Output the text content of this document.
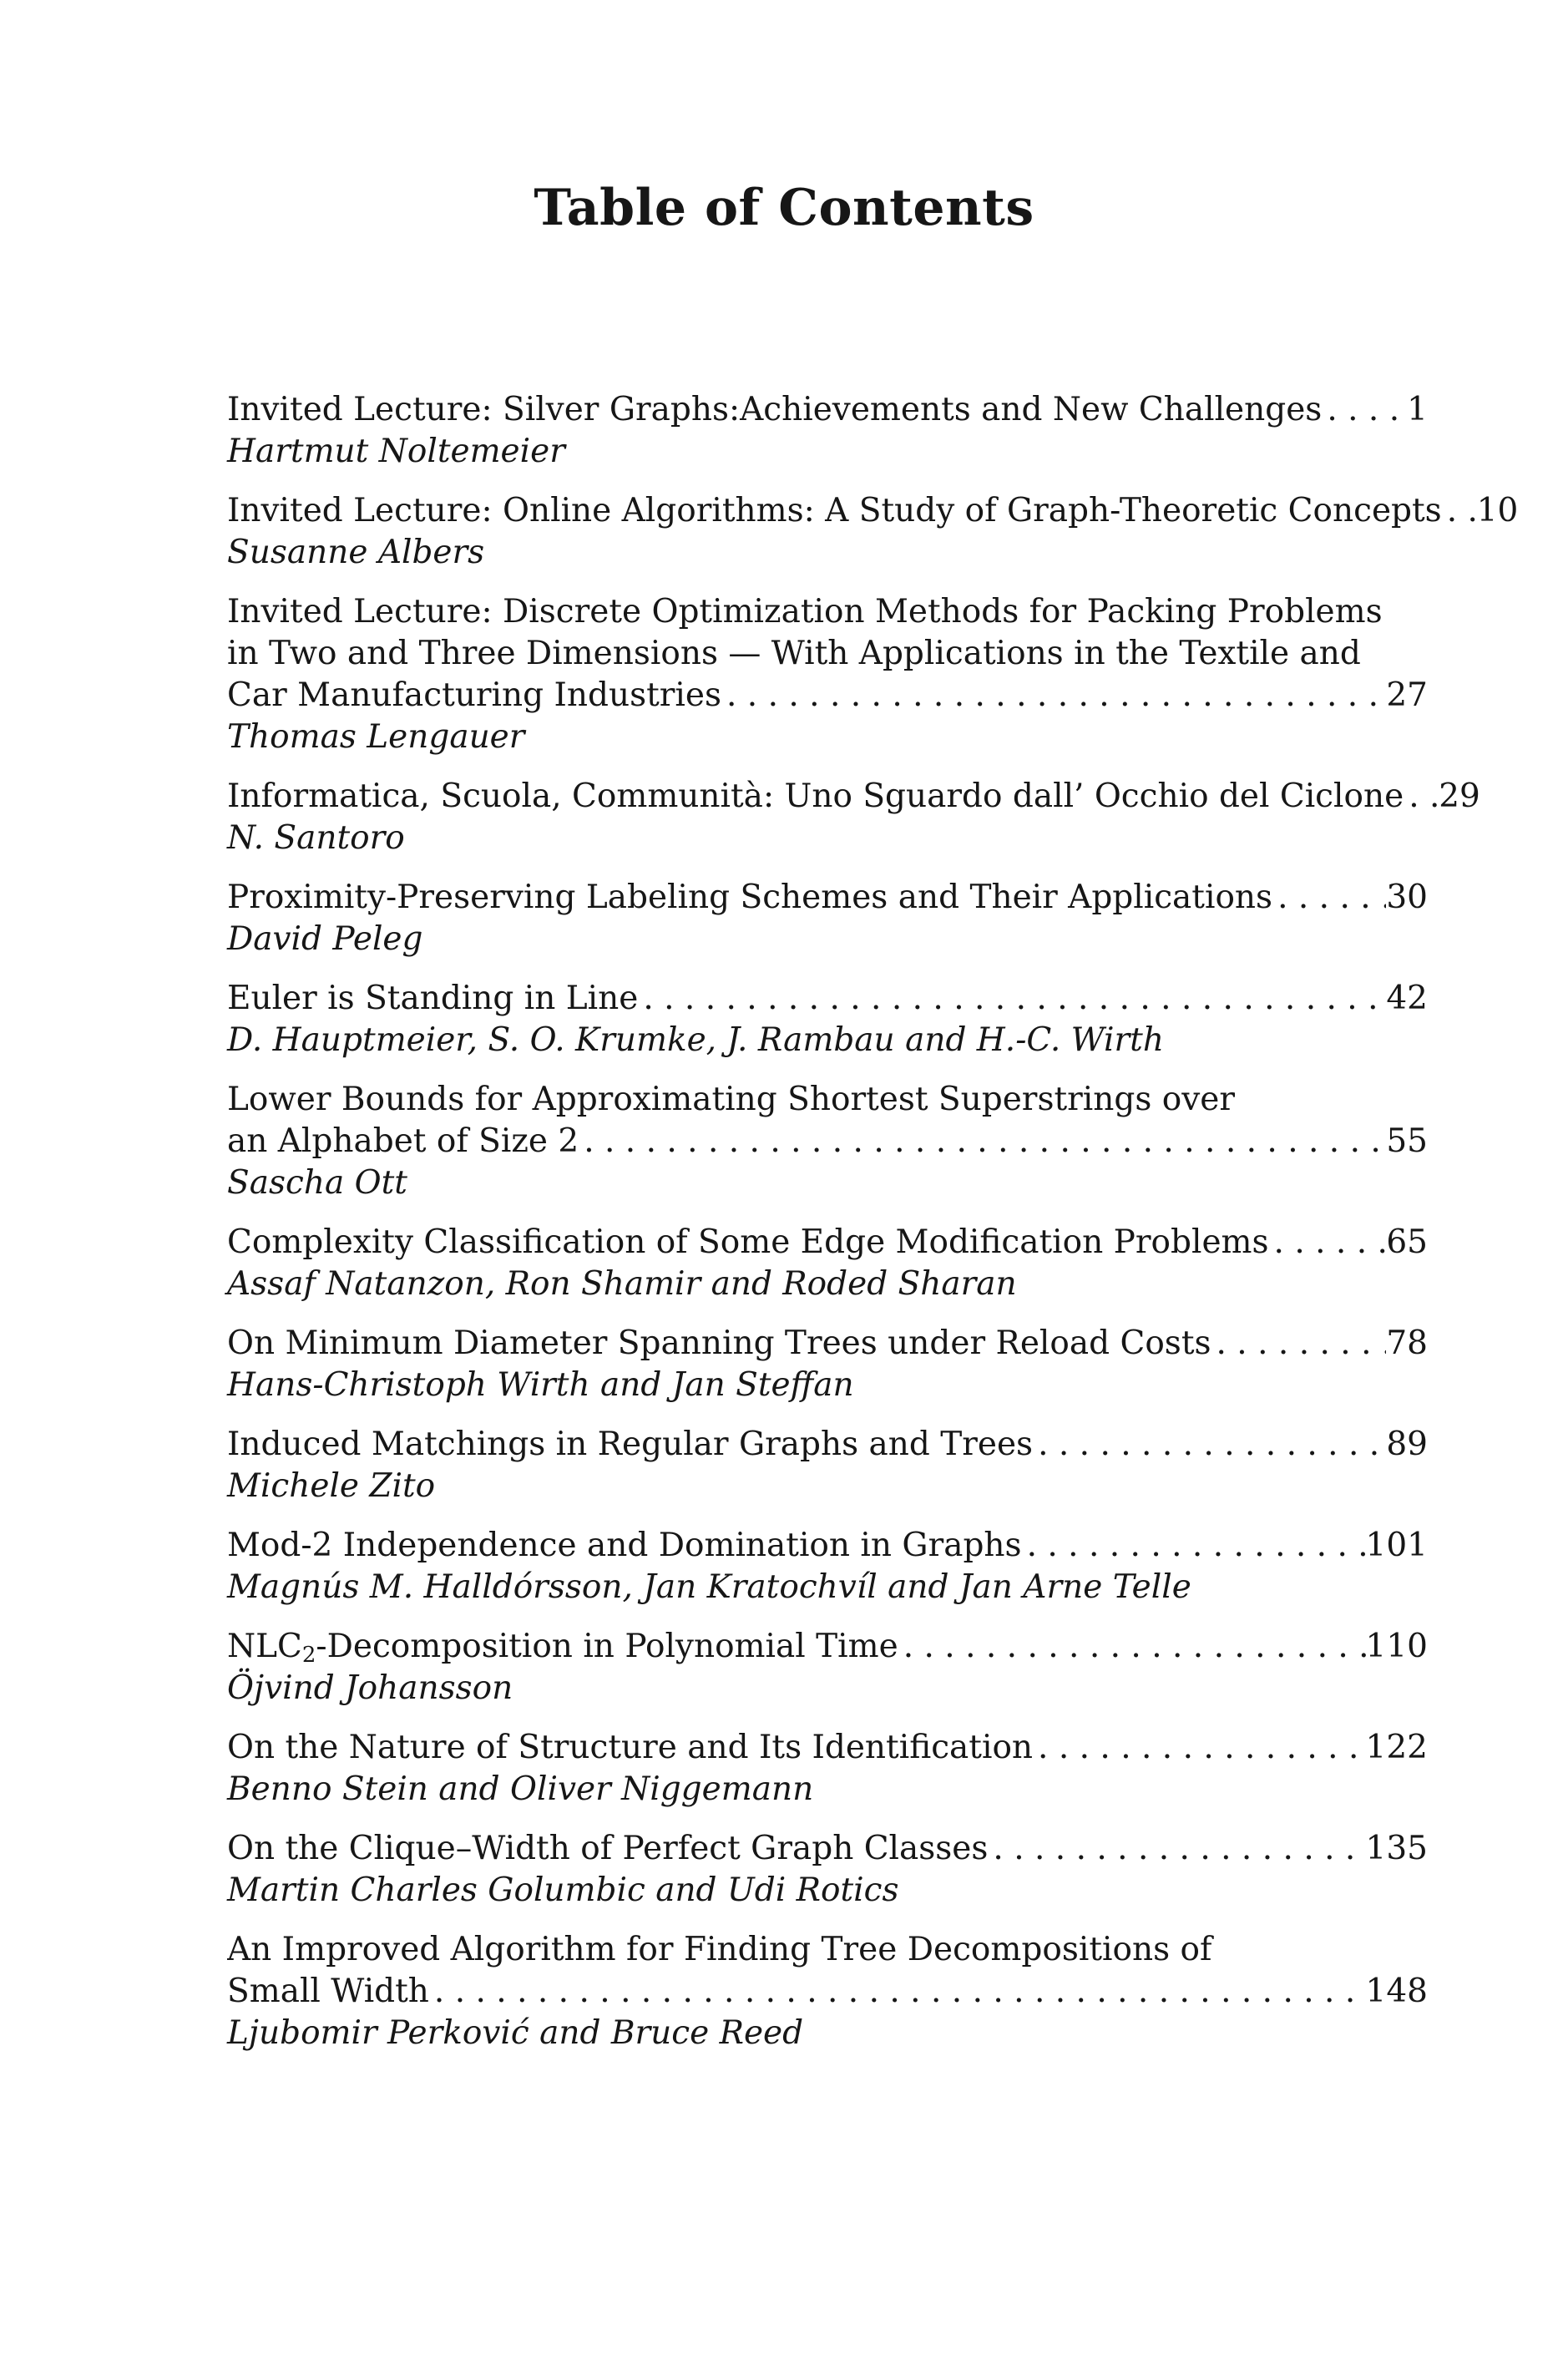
Table of Contents
Invited Lecture: Silver Graphs:Achievements and New Challenges . . .	1
Hartmut Noltemeier
Invited Lecture: Online Algorithms: A Study of Graph-Theoretic Concepts . . . 10
Susanne Albers
Invited Lecture: Discrete Optimization Methods for Packing Problems
in Two and Three Dimensions — With Applications in the Textile and
Car Manufacturing Industries . . .	27
Thomas Lengauer
Informatica, Scuola, Communità: Uno Sguardo dall’ Occhio del Ciclone . . . 29
N. Santoro
Proximity-Preserving Labeling Schemes and Their Applications . . .	30
David Peleg
Euler is Standing in Line . . .	42
D. Hauptmeier, S. O. Krumke, J. Rambau and H.-C. Wirth
Lower Bounds for Approximating Shortest Superstrings over
an Alphabet of Size 2 . . .	55
Sascha Ott
Complexity Classification of Some Edge Modification Problems . . .	65
Assaf Natanzon, Ron Shamir and Roded Sharan
On Minimum Diameter Spanning Trees under Reload Costs . . .	78
Hans-Christoph Wirth and Jan Steffan
Induced Matchings in Regular Graphs and Trees . . .	89
Michele Zito
Mod-2 Independence and Domination in Graphs . . .	101
Magnús M. Halldórsson, Jan Kratochvíl and Jan Arne Telle
$NLC_2$-Decomposition in Polynomial Time . . .	110
Öjvind Johansson
On the Nature of Structure and Its Identification . . .	122
Benno Stein and Oliver Niggemann
On the Clique–Width of Perfect Graph Classes . . .	135
Martin Charles Golumbic and Udi Rotics
An Improved Algorithm for Finding Tree Decompositions of
Small Width . . .	148
Ljubomir Perković and Bruce Reed
